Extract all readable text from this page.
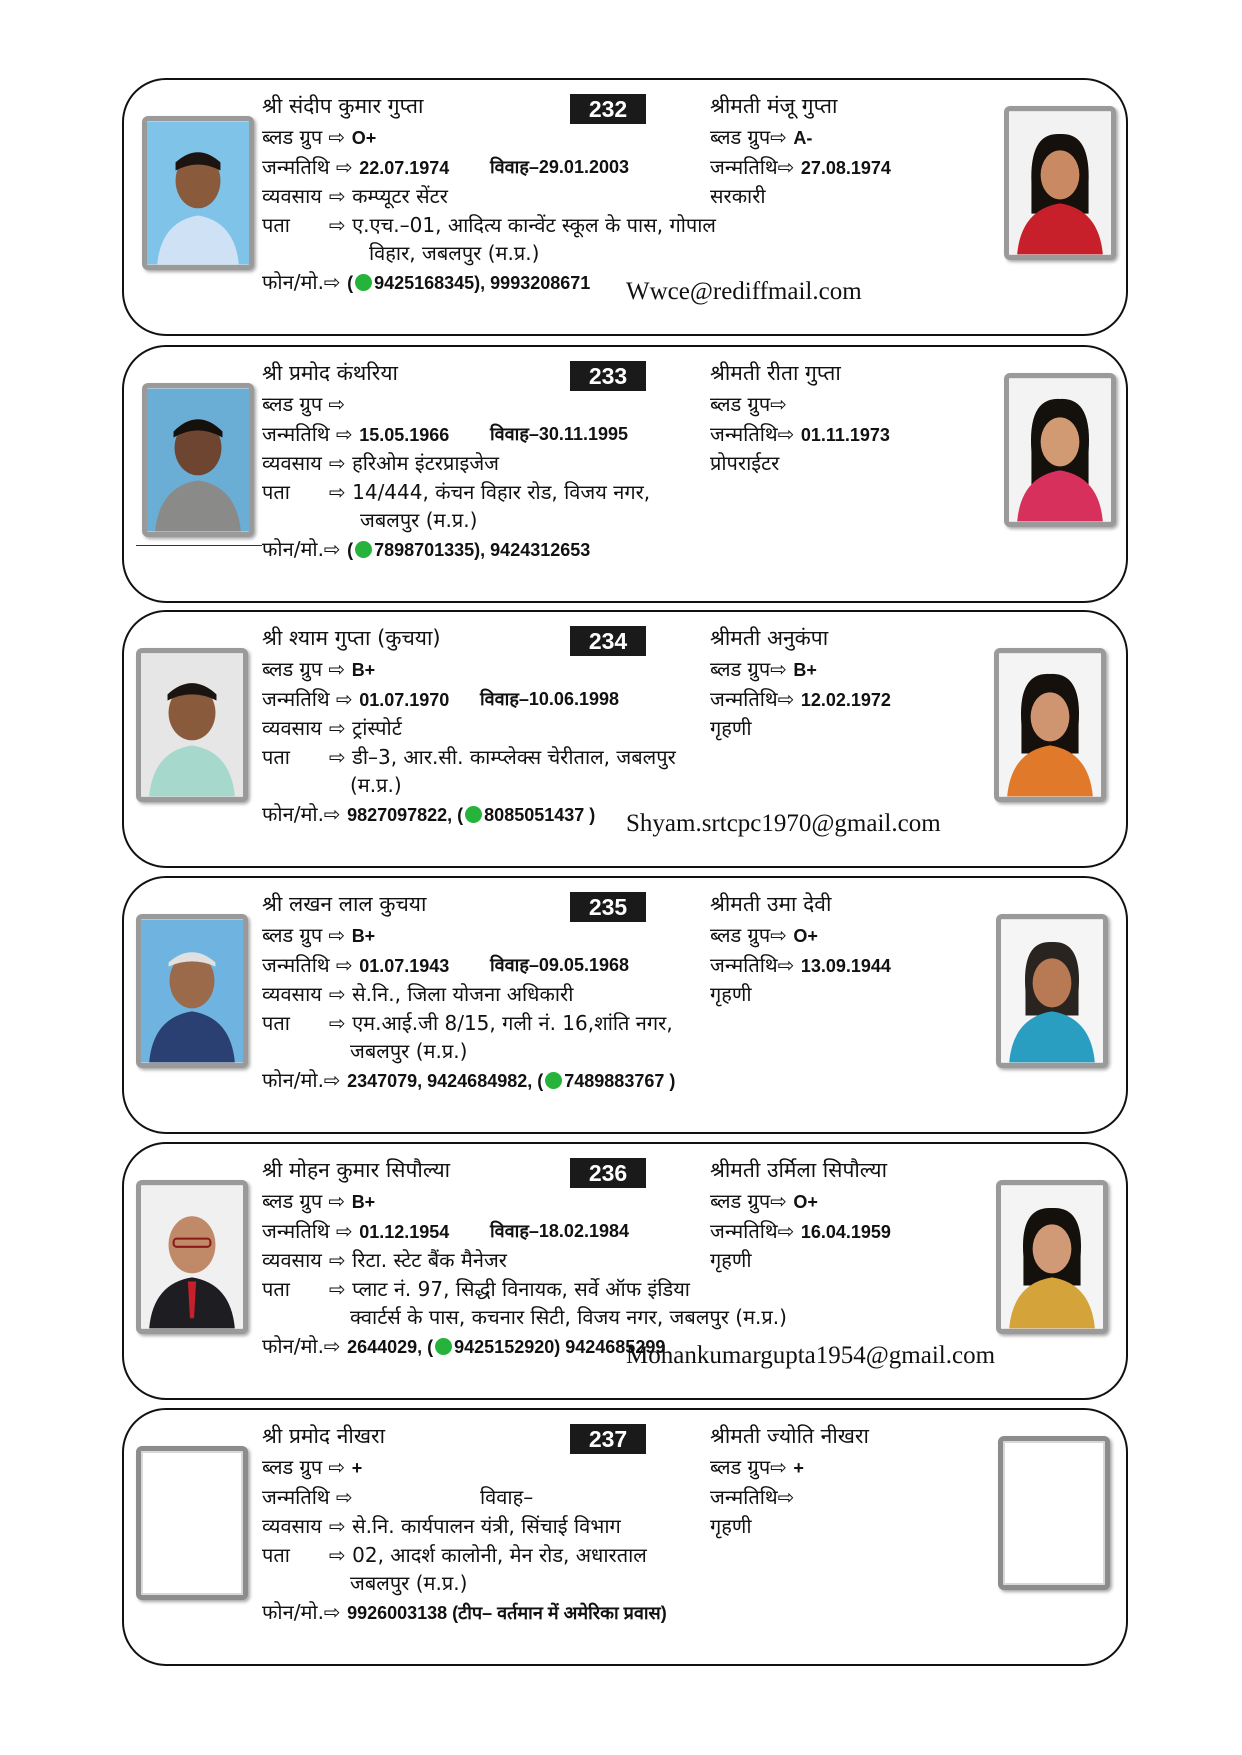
232
श्री संदीप कुमार गुप्ता
ब्लड ग्रुप ⇨ O+
जन्मतिथि ⇨ 22.07.1974 विवाह–29.01.2003
व्यवसाय ⇨ कम्प्यूटर सेंटर
पता ⇨ ए.एच.–01, आदित्य कान्वेंट स्कूल के पास, गोपाल
विहार, जबलपुर (म.प्र.)
फोन/मो.⇨ ( 9425168345), 9993208671 Wwce@rediffmail.com
श्रीमती मंजू गुप्ता
ब्लड ग्रुप⇨ A-
जन्मतिथि⇨ 27.08.1974
सरकारी
233
श्री प्रमोद कंथरिया
ब्लड ग्रुप ⇨
जन्मतिथि ⇨ 15.05.1966 विवाह–30.11.1995
व्यवसाय ⇨ हरिओम इंटरप्राइजेज
पता ⇨ 14/444, कंचन विहार रोड, विजय नगर,
जबलपुर (म.प्र.)
फोन/मो.⇨ ( 7898701335), 9424312653
श्रीमती रीता गुप्ता
ब्लड ग्रुप⇨
जन्मतिथि⇨ 01.11.1973
प्रोपराईटर
234
श्री श्याम गुप्ता (कुचया)
ब्लड ग्रुप ⇨ B+
जन्मतिथि ⇨ 01.07.1970 विवाह–10.06.1998
व्यवसाय ⇨ ट्रांस्पोर्ट
पता ⇨ डी–3, आर.सी. काम्प्लेक्स चेरीताल, जबलपुर
(म.प्र.)
फोन/मो.⇨ 9827097822, ( 8085051437 ) Shyam.srtcpc1970@gmail.com
श्रीमती अनुकंपा
ब्लड ग्रुप⇨ B+
जन्मतिथि⇨ 12.02.1972
गृहणी
235
श्री लखन लाल कुचया
ब्लड ग्रुप ⇨ B+
जन्मतिथि ⇨ 01.07.1943 विवाह–09.05.1968
व्यवसाय ⇨ से.नि., जिला योजना अधिकारी
पता ⇨ एम.आई.जी 8/15, गली नं. 16,शांति नगर,
जबलपुर (म.प्र.)
फोन/मो.⇨ 2347079, 9424684982, ( 7489883767 )
श्रीमती उमा देवी
ब्लड ग्रुप⇨ O+
जन्मतिथि⇨ 13.09.1944
गृहणी
236
श्री मोहन कुमार सिपौल्या
ब्लड ग्रुप ⇨ B+
जन्मतिथि ⇨ 01.12.1954 विवाह–18.02.1984
व्यवसाय ⇨ रिटा. स्टेट बैंक मैनेजर
पता ⇨ प्लाट नं. 97, सिद्धी विनायक, सर्वे ऑफ इंडिया
क्वार्टर्स के पास, कचनार सिटी, विजय नगर, जबलपुर (म.प्र.)
फोन/मो.⇨ 2644029, ( 9425152920) 9424685299
Mohankumargupta1954@gmail.com
श्रीमती उर्मिला सिपौल्या
ब्लड ग्रुप⇨ O+
जन्मतिथि⇨ 16.04.1959
गृहणी
237
श्री प्रमोद नीखरा
ब्लड ग्रुप ⇨ +
जन्मतिथि ⇨	विवाह–
व्यवसाय ⇨ से.नि. कार्यपालन यंत्री, सिंचाई विभाग
पता ⇨ 02, आदर्श कालोनी, मेन रोड, अधारताल
जबलपुर (म.प्र.)
फोन/मो.⇨ 9926003138 (टीप– वर्तमान में अमेरिका प्रवास)
श्रीमती ज्योति नीखरा
ब्लड ग्रुप⇨ +
जन्मतिथि⇨
गृहणी
